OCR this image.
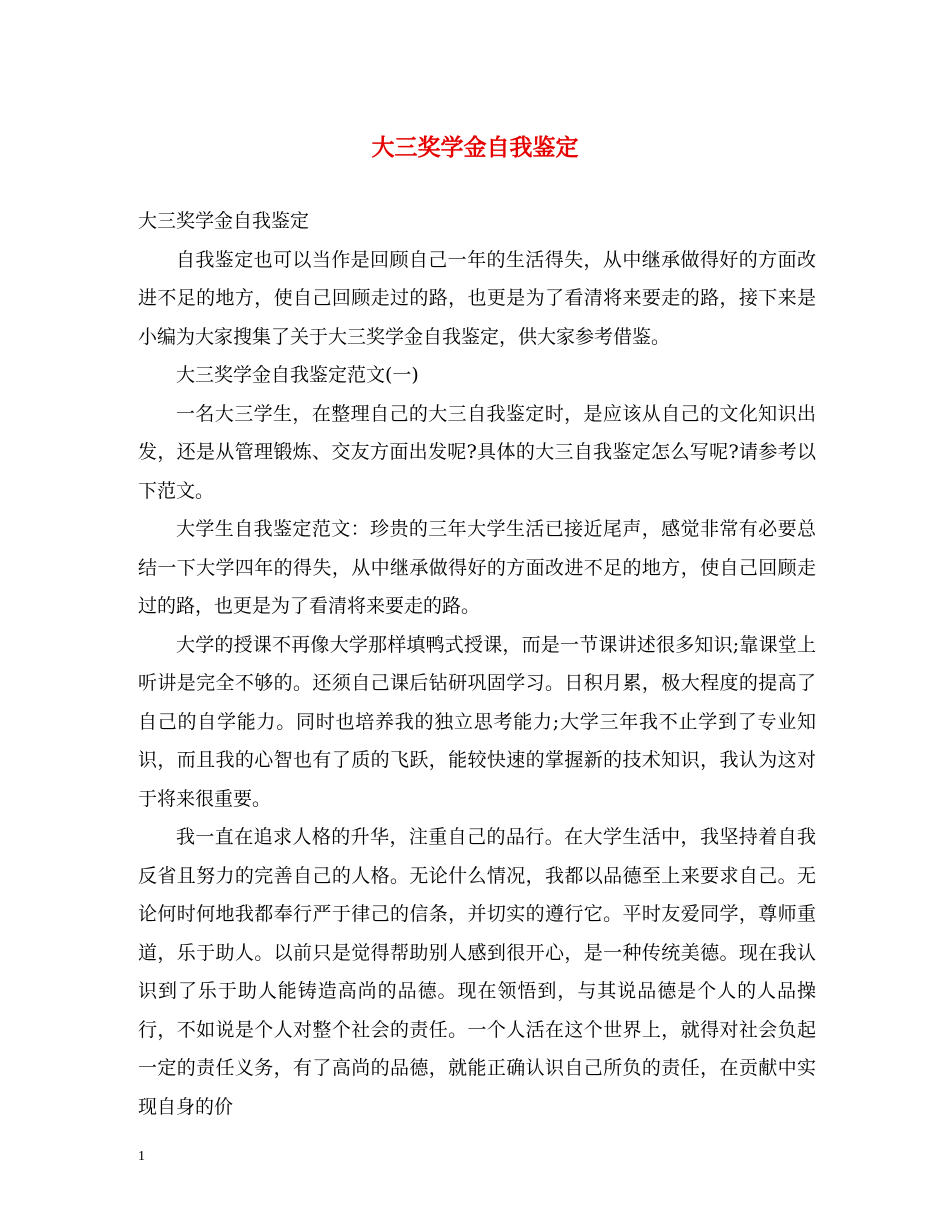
大三奖学金自我鉴定

大三奖学金自我鉴定

自我鉴定也可以当作是回顾自己一年的生活得失，从中继承做得好的方面改进不足的地方，使自己回顾走过的路，也更是为了看清将来要走的路，接下来是小编为大家搜集了关于大三奖学金自我鉴定，供大家参考借鉴。

大三奖学金自我鉴定范文(一)

一名大三学生，在整理自己的大三自我鉴定时，是应该从自己的文化知识出发，还是从管理锻炼、交友方面出发呢?具体的大三自我鉴定怎么写呢?请参考以下范文。

大学生自我鉴定范文：珍贵的三年大学生活已接近尾声，感觉非常有必要总结一下大学四年的得失，从中继承做得好的方面改进不足的地方，使自己回顾走过的路，也更是为了看清将来要走的路。

大学的授课不再像大学那样填鸭式授课，而是一节课讲述很多知识;靠课堂上听讲是完全不够的。还须自己课后钻研巩固学习。日积月累，极大程度的提高了自己的自学能力。同时也培养我的独立思考能力;大学三年我不止学到了专业知识，而且我的心智也有了质的飞跃，能较快速的掌握新的技术知识，我认为这对于将来很重要。

我一直在追求人格的升华，注重自己的品行。在大学生活中，我坚持着自我反省且努力的完善自己的人格。无论什么情况，我都以品德至上来要求自己。无论何时何地我都奉行严于律己的信条，并切实的遵行它。平时友爱同学，尊师重道，乐于助人。以前只是觉得帮助别人感到很开心，是一种传统美德。现在我认识到了乐于助人能铸造高尚的品德。现在领悟到，与其说品德是个人的人品操行，不如说是个人对整个社会的责任。一个人活在这个世界上，就得对社会负起一定的责任义务，有了高尚的品德，就能正确认识自己所负的责任，在贡献中实现自身的价

1
